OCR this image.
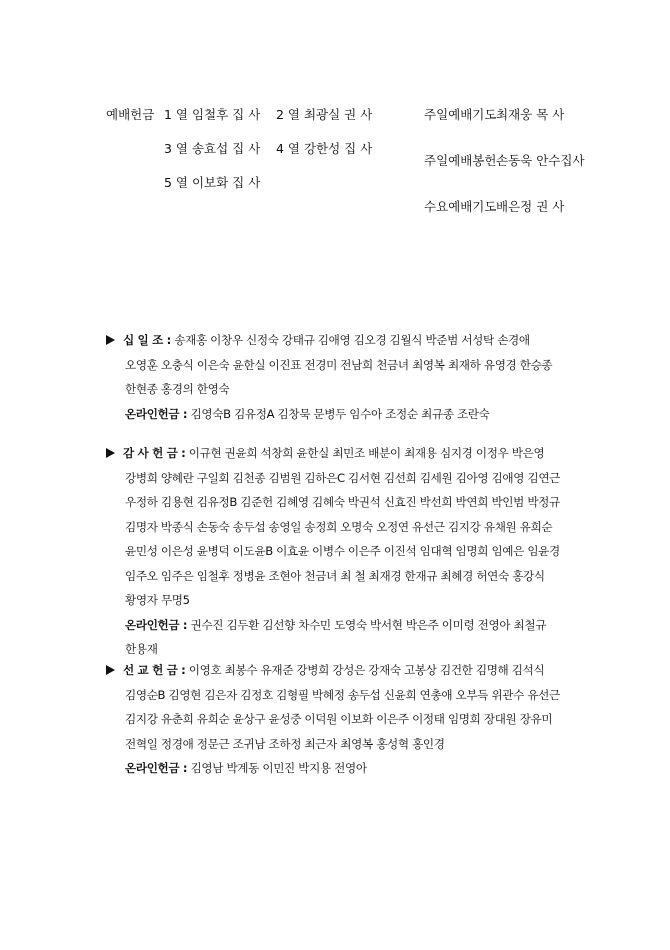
예배헌금 1 열 임철후 집 사 2 열 최광실 권 사
3 열 송효섭 집 사 4 열 강한성 집 사
5 열 이보화 집 사
주일예배기도 최재웅 목 사
주일예배봉헌 손동욱 안수집사
수요예배기도 배은정 권 사
십 일 조 : 송재홍 이창우 신정숙 강태규 김애영 김오경 김월식 박준범 서성탁 손경애
오영훈 오충식 이은숙 윤한실 이진표 전경미 전남희 천금녀 최영복 최재하 유영경 한승종
한현종 홍경의 한영숙
온라인헌금 : 김영숙B 김유정A 김창묵 문병두 임수아 조정순 최규종 조란숙
감 사 헌 금 : 이규현 권윤희 석창희 윤한실 최민조 배분이 최재용 심지경 이정우 박은영
강병희 양혜란 구일회 김천종 김범원 김하은C 김서현 김선희 김세원 김아영 김애영 김연근
우정하 김용현 김유정B 김준헌 김혜영 김혜숙 박권석 신효진 박선희 박연희 박인범 박정규
김명자 박종식 손동숙 송두섭 송영일 송정희 오명숙 오정연 유선근 김지강 유채원 유희순
윤민성 이은성 윤병덕 이도윤B 이효윤 이병수 이은주 이진석 임대혁 임명희 임예은 임윤경
임주오 임주은 임철후 정병윤 조현아 천금녀 최 철 최재경 한재규 최혜경 허연숙 홍강식
황영자 무명5
온라인헌금 : 권수진 김두환 김선향 차수민 도영숙 박서현 박은주 이미령 전영아 최철규
한용재
선 교 헌 금 : 이영호 최봉수 유재준 강병희 강성은 강재숙 고봉상 김건한 김명해 김석식
김영순B 김영현 김은자 김정호 김형필 박혜정 송두섭 신윤희 연총애 오부득 위관수 유선근
김지강 유춘희 유희순 윤상구 윤성중 이덕원 이보화 이은주 이정태 임명희 장대원 장유미
전혁일 정경애 정문근 조귀남 조하정 최근자 최영복 홍성혁 홍인경
온라인헌금 : 김영남 박계동 이민진 박지용 전영아
